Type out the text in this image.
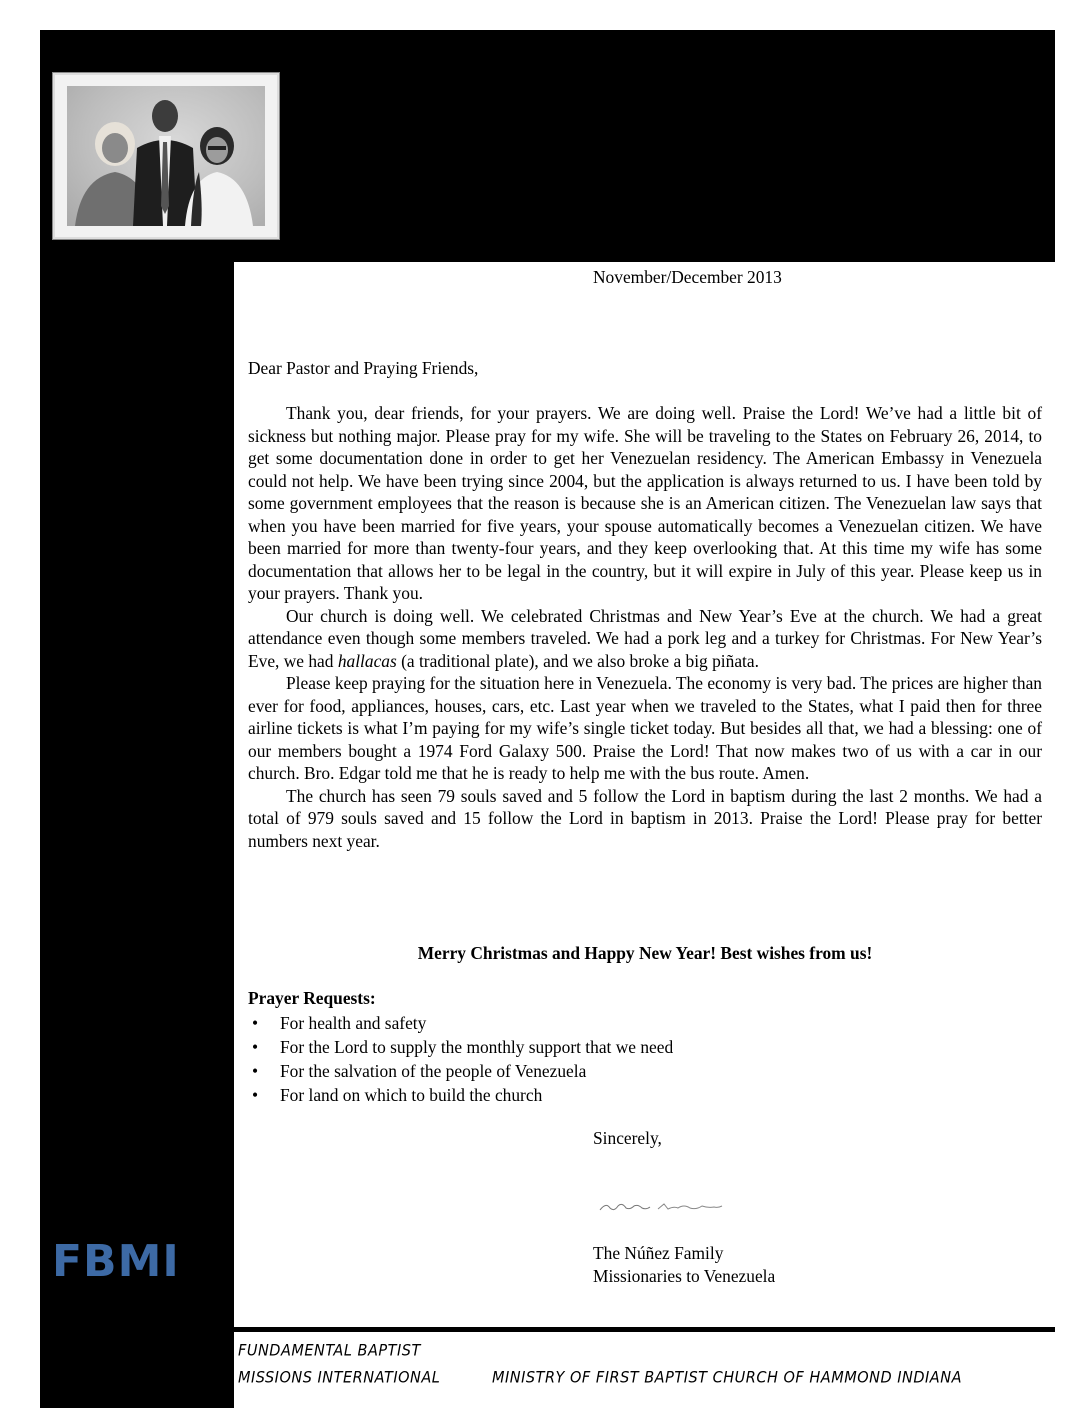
FBMI
November/December 2013
Dear Pastor and Praying Friends,

Thank you, dear friends, for your prayers. We are doing well. Praise the Lord! We’ve had a little bit of sickness but nothing major. Please pray for my wife. She will be traveling to the States on February 26, 2014, to get some documentation done in order to get her Venezuelan residency. The American Embassy in Venezuela could not help. We have been trying since 2004, but the application is always returned to us. I have been told by some government employees that the reason is because she is an American citizen. The Venezuelan law says that when you have been married for five years, your spouse automatically becomes a Venezuelan citizen. We have been married for more than twenty-four years, and they keep overlooking that. At this time my wife has some documentation that allows her to be legal in the country, but it will expire in July of this year. Please keep us in your prayers. Thank you.

Our church is doing well. We celebrated Christmas and New Year’s Eve at the church. We had a great attendance even though some members traveled. We had a pork leg and a turkey for Christmas. For New Year’s Eve, we had hallacas (a traditional plate), and we also broke a big piñata.

Please keep praying for the situation here in Venezuela. The economy is very bad. The prices are higher than ever for food, appliances, houses, cars, etc. Last year when we traveled to the States, what I paid then for three airline tickets is what I’m paying for my wife’s single ticket today. But besides all that, we had a blessing: one of our members bought a 1974 Ford Galaxy 500. Praise the Lord! That now makes two of us with a car in our church. Bro. Edgar told me that he is ready to help me with the bus route. Amen.

The church has seen 79 souls saved and 5 follow the Lord in baptism during the last 2 months. We had a total of 979 souls saved and 15 follow the Lord in baptism in 2013. Praise the Lord! Please pray for better numbers next year.

Merry Christmas and Happy New Year! Best wishes from us!
Prayer Requests:
• For health and safety
• For the Lord to supply the monthly support that we need
• For the salvation of the people of Venezuela
• For land on which to build the church
Sincerely,
The Núñez Family
Missionaries to Venezuela
FUNDAMENTAL BAPTIST
MISSIONS INTERNATIONAL	MINISTRY OF FIRST BAPTIST CHURCH OF HAMMOND INDIANA
